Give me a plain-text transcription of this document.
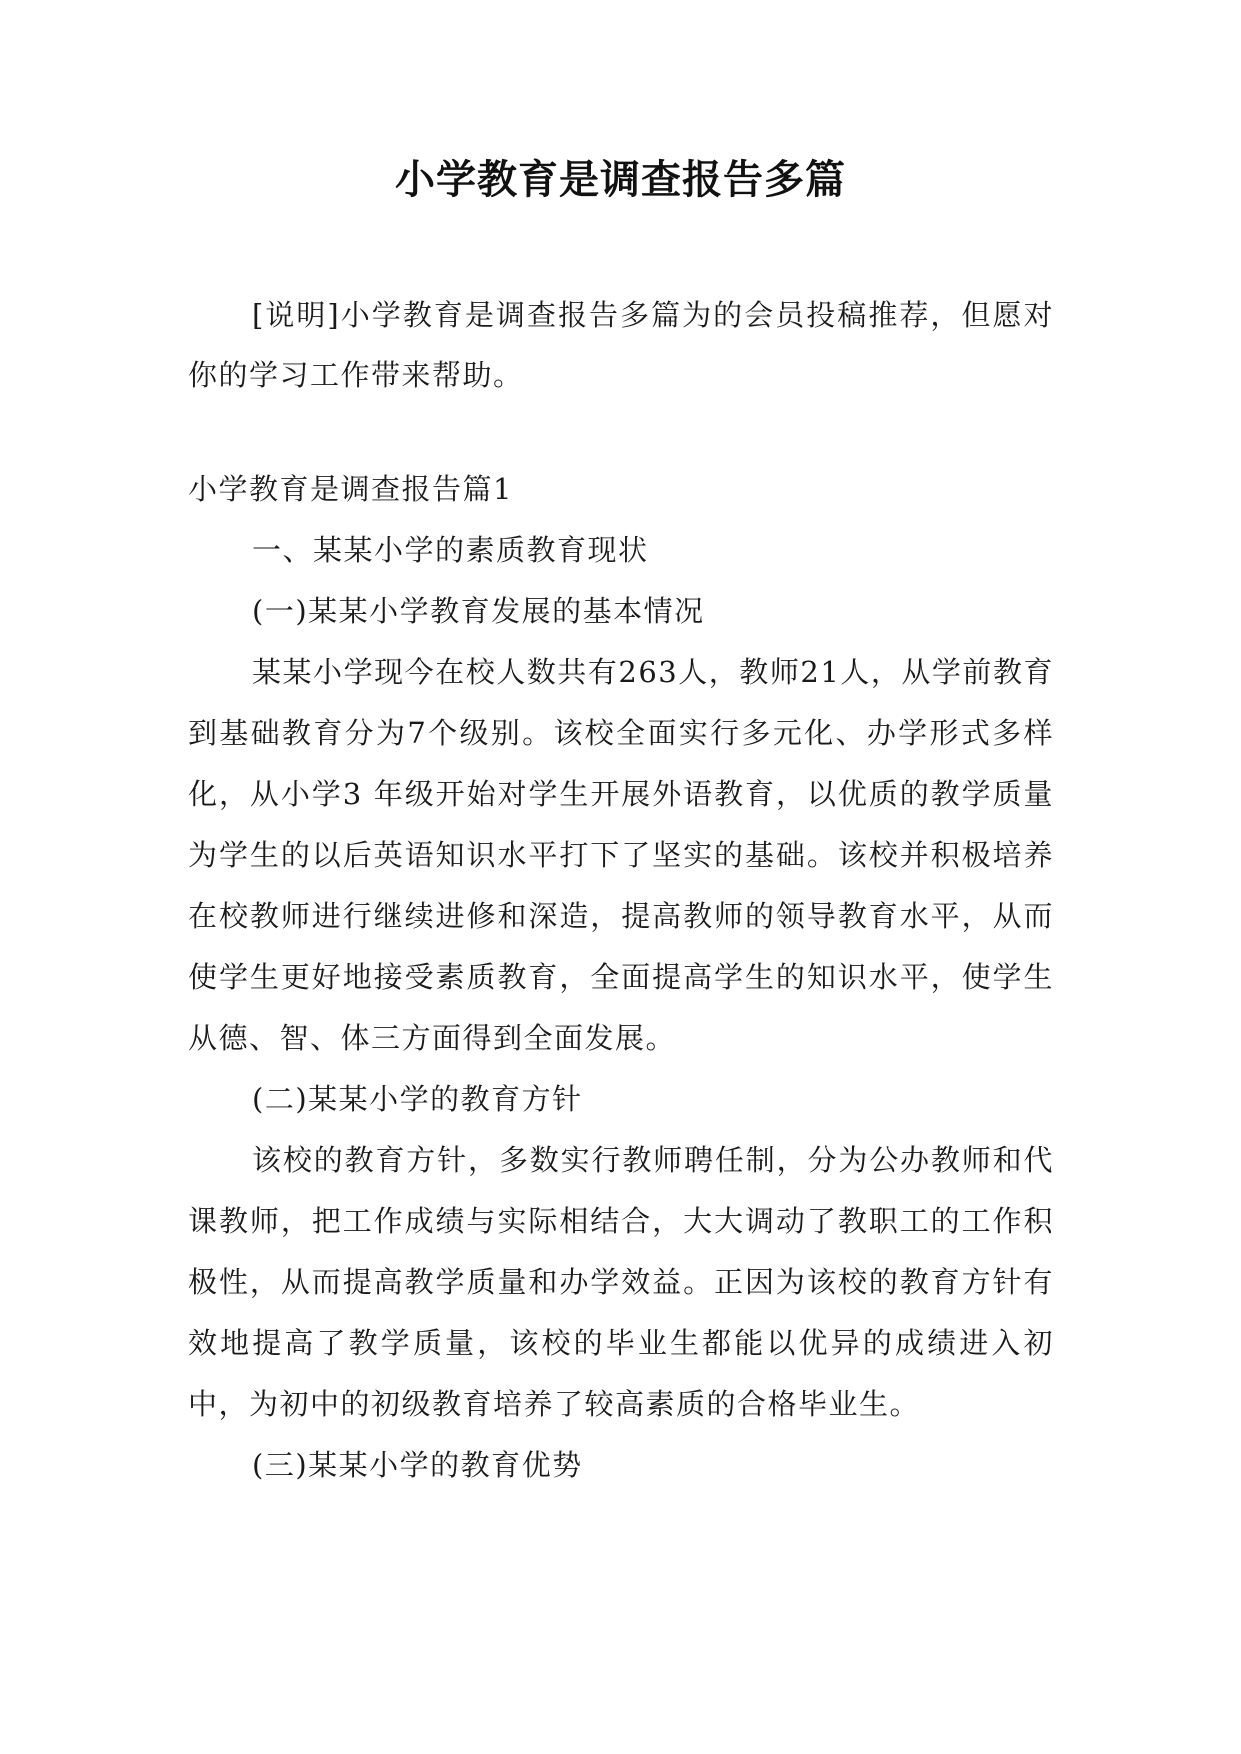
小学教育是调查报告多篇

[说明]小学教育是调查报告多篇为的会员投稿推荐，但愿对你的学习工作带来帮助。

小学教育是调查报告篇1

一、某某小学的素质教育现状

(一)某某小学教育发展的基本情况

某某小学现今在校人数共有263人，教师21人，从学前教育到基础教育分为7个级别。该校全面实行多元化、办学形式多样化，从小学3 年级开始对学生开展外语教育，以优质的教学质量为学生的以后英语知识水平打下了坚实的基础。该校并积极培养在校教师进行继续进修和深造，提高教师的领导教育水平，从而使学生更好地接受素质教育，全面提高学生的知识水平，使学生从德、智、体三方面得到全面发展。

(二)某某小学的教育方针

该校的教育方针，多数实行教师聘任制，分为公办教师和代课教师，把工作成绩与实际相结合，大大调动了教职工的工作积极性，从而提高教学质量和办学效益。正因为该校的教育方针有效地提高了教学质量，该校的毕业生都能以优异的成绩进入初中，为初中的初级教育培养了较高素质的合格毕业生。

(三)某某小学的教育优势
